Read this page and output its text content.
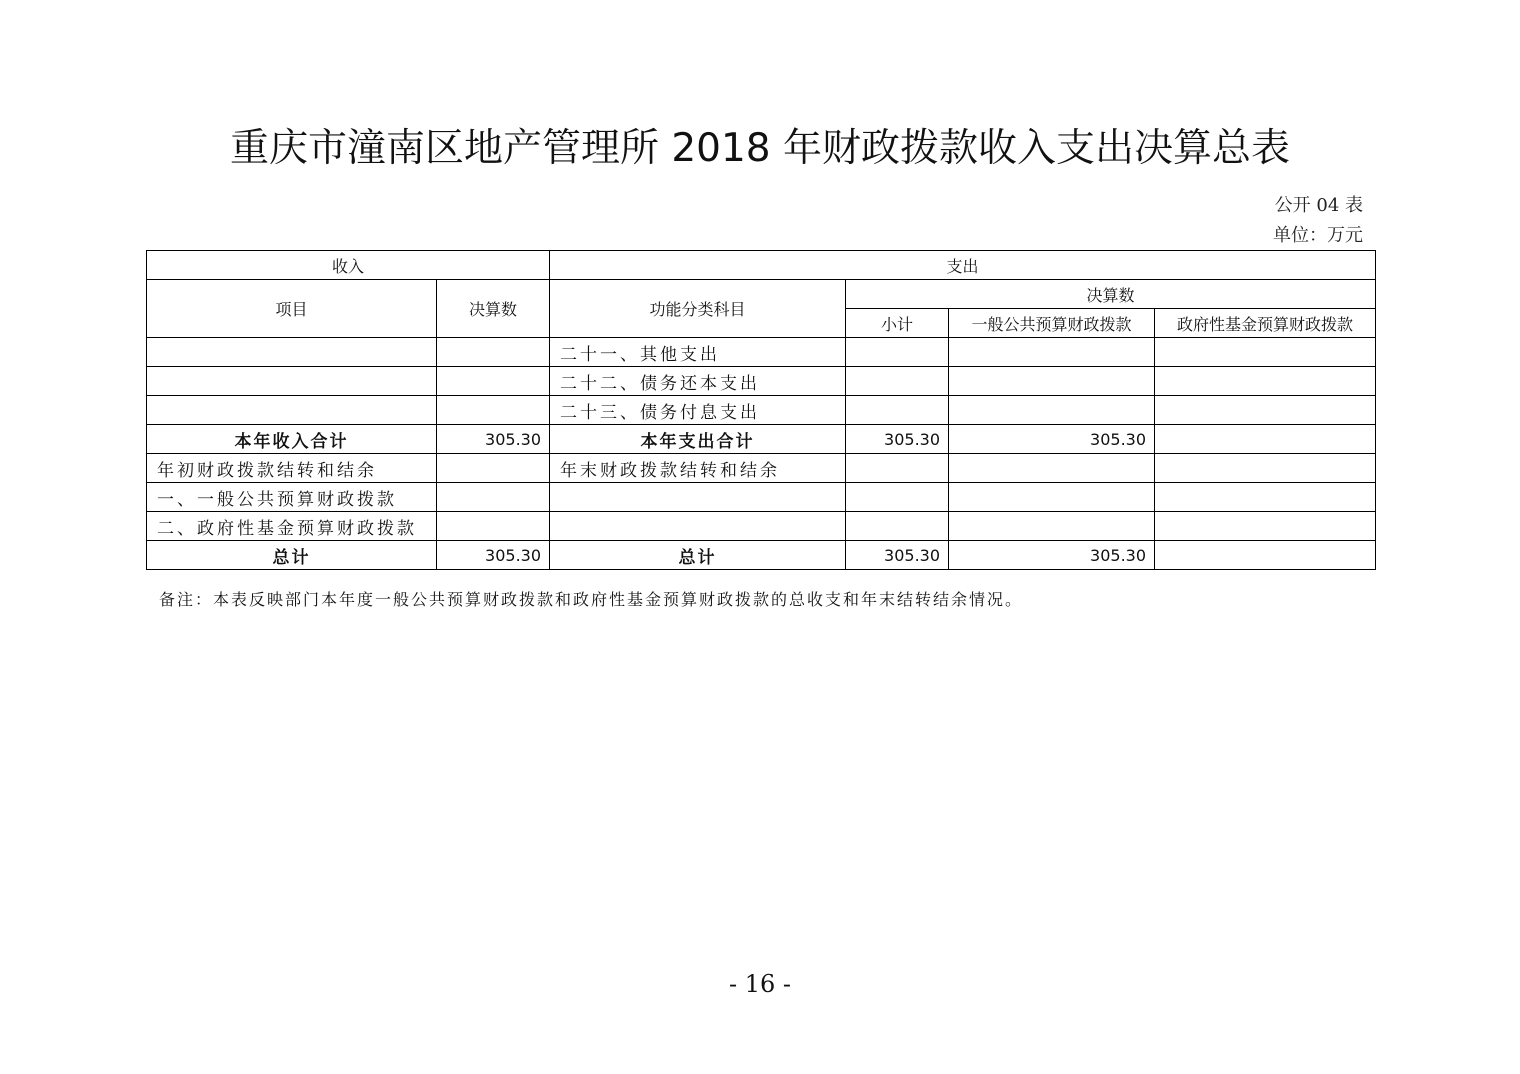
重庆市潼南区地产管理所 2018 年财政拨款收入支出决算总表
公开 04 表
单位：万元
收入		支出			
项目	决算数	功能分类科目	决算数		
			小计	一般公共预算财政拨款	政府性基金预算财政拨款
		二十一、其他支出			
		二十二、债务还本支出			
		二十三、债务付息支出			
本年收入合计	305.30	本年支出合计	305.30	305.30	
年初财政拨款结转和结余		年末财政拨款结转和结余			
一、一般公共预算财政拨款					
二、政府性基金预算财政拨款					
总计	305.30	总计	305.30	305.30	
备注：本表反映部门本年度一般公共预算财政拨款和政府性基金预算财政拨款的总收支和年末结转结余情况。
- 16 -
